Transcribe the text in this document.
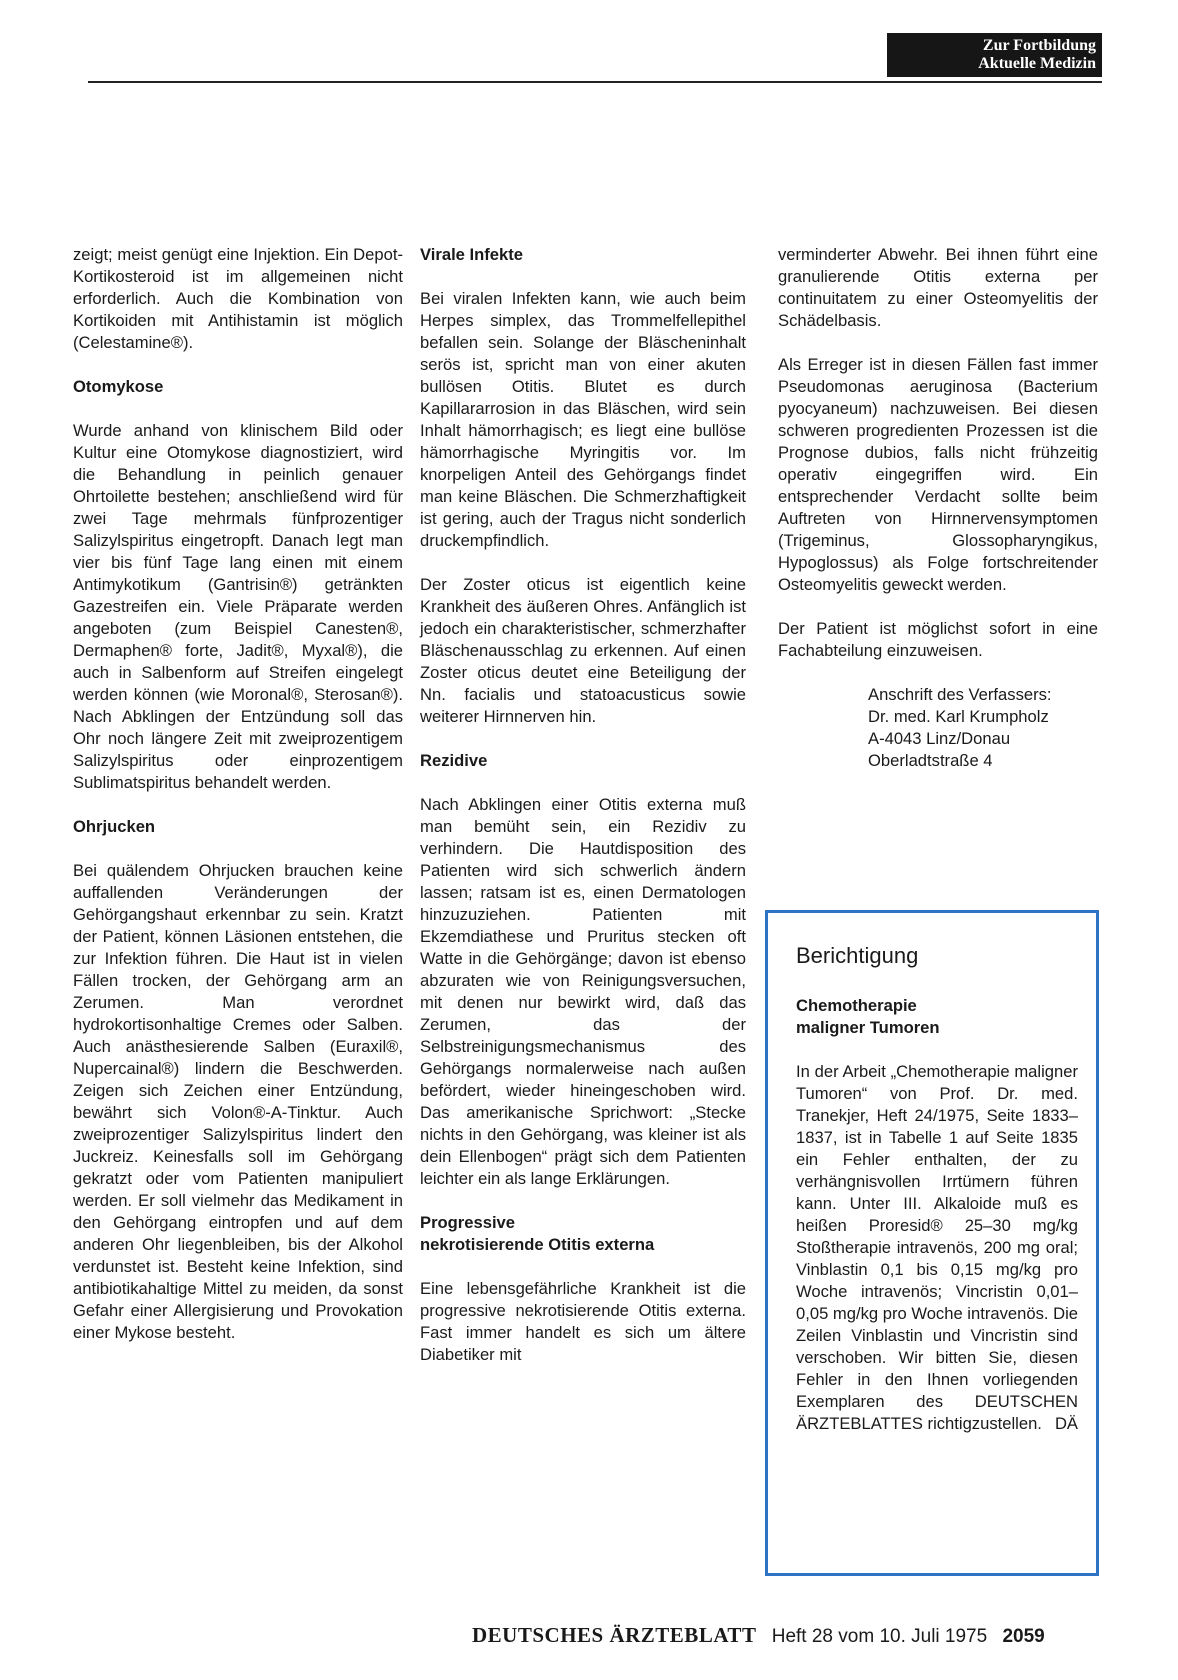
Zur Fortbildung
Aktuelle Medizin

zeigt; meist genügt eine Injektion. Ein Depot-Kortikosteroid ist im allgemeinen nicht erforderlich. Auch die Kombination von Kortikoiden mit Antihistamin ist möglich (Celestamine®).

Otomykose

Wurde anhand von klinischem Bild oder Kultur eine Otomykose diagnostiziert, wird die Behandlung in peinlich genauer Ohrtoilette bestehen; anschließend wird für zwei Tage mehrmals fünfprozentiger Salizylspiritus eingetropft. Danach legt man vier bis fünf Tage lang einen mit einem Antimykotikum (Gantrisin®) getränkten Gazestreifen ein. Viele Präparate werden angeboten (zum Beispiel Canesten®, Dermaphen® forte, Jadit®, Myxal®), die auch in Salbenform auf Streifen eingelegt werden können (wie Moronal®, Sterosan®). Nach Abklingen der Entzündung soll das Ohr noch längere Zeit mit zweiprozentigem Salizylspiritus oder einprozentigem Sublimatspiritus behandelt werden.

Ohrjucken

Bei quälendem Ohrjucken brauchen keine auffallenden Veränderungen der Gehörgangshaut erkennbar zu sein. Kratzt der Patient, können Läsionen entstehen, die zur Infektion führen. Die Haut ist in vielen Fällen trocken, der Gehörgang arm an Zerumen. Man verordnet hydrokortisonhaltige Cremes oder Salben. Auch anästhesierende Salben (Euraxil®, Nupercainal®) lindern die Beschwerden. Zeigen sich Zeichen einer Entzündung, bewährt sich Volon®-A-Tinktur. Auch zweiprozentiger Salizylspiritus lindert den Juckreiz. Keinesfalls soll im Gehörgang gekratzt oder vom Patienten manipuliert werden. Er soll vielmehr das Medikament in den Gehörgang eintropfen und auf dem anderen Ohr liegenbleiben, bis der Alkohol verdunstet ist. Besteht keine Infektion, sind antibiotikahaltige Mittel zu meiden, da sonst Gefahr einer Allergisierung und Provokation einer Mykose besteht.

Virale Infekte

Bei viralen Infekten kann, wie auch beim Herpes simplex, das Trommelfellepithel befallen sein. Solange der Bläscheninhalt serös ist, spricht man von einer akuten bullösen Otitis. Blutet es durch Kapillararrosion in das Bläschen, wird sein Inhalt hämorrhagisch; es liegt eine bullöse hämorrhagische Myringitis vor. Im knorpeligen Anteil des Gehörgangs findet man keine Bläschen. Die Schmerzhaftigkeit ist gering, auch der Tragus nicht sonderlich druckempfindlich.

Der Zoster oticus ist eigentlich keine Krankheit des äußeren Ohres. Anfänglich ist jedoch ein charakteristischer, schmerzhafter Bläschenausschlag zu erkennen. Auf einen Zoster oticus deutet eine Beteiligung der Nn. facialis und statoacusticus sowie weiterer Hirnnerven hin.

Rezidive

Nach Abklingen einer Otitis externa muß man bemüht sein, ein Rezidiv zu verhindern. Die Hautdisposition des Patienten wird sich schwerlich ändern lassen; ratsam ist es, einen Dermatologen hinzuzuziehen. Patienten mit Ekzemdiathese und Pruritus stecken oft Watte in die Gehörgänge; davon ist ebenso abzuraten wie von Reinigungsversuchen, mit denen nur bewirkt wird, daß das Zerumen, das der Selbstreinigungsmechanismus des Gehörgangs normalerweise nach außen befördert, wieder hineingeschoben wird. Das amerikanische Sprichwort: „Stecke nichts in den Gehörgang, was kleiner ist als dein Ellenbogen“ prägt sich dem Patienten leichter ein als lange Erklärungen.

Progressive
nekrotisierende Otitis externa

Eine lebensgefährliche Krankheit ist die progressive nekrotisierende Otitis externa. Fast immer handelt es sich um ältere Diabetiker mit

verminderter Abwehr. Bei ihnen führt eine granulierende Otitis externa per continuitatem zu einer Osteomyelitis der Schädelbasis.

Als Erreger ist in diesen Fällen fast immer Pseudomonas aeruginosa (Bacterium pyocyaneum) nachzuweisen. Bei diesen schweren progredienten Prozessen ist die Prognose dubios, falls nicht frühzeitig operativ eingegriffen wird. Ein entsprechender Verdacht sollte beim Auftreten von Hirnnervensymptomen (Trigeminus, Glossopharyngikus, Hypoglossus) als Folge fortschreitender Osteomyelitis geweckt werden.

Der Patient ist möglichst sofort in eine Fachabteilung einzuweisen.

Anschrift des Verfassers:
Dr. med. Karl Krumpholz
A-4043 Linz/Donau
Oberladtstraße 4
Berichtigung
Chemotherapie
maligner Tumoren

In der Arbeit „Chemotherapie maligner Tumoren“ von Prof. Dr. med. Tranekjer, Heft 24/1975, Seite 1833–1837, ist in Tabelle 1 auf Seite 1835 ein Fehler enthalten, der zu verhängnisvollen Irrtümern führen kann. Unter III. Alkaloide muß es heißen Proresid® 25–30 mg/kg Stoßtherapie intravenös, 200 mg oral; Vinblastin 0,1 bis 0,15 mg/kg pro Woche intravenös; Vincristin 0,01–0,05 mg/kg pro Woche intravenös. Die Zeilen Vinblastin und Vincristin sind verschoben. Wir bitten Sie, diesen Fehler in den Ihnen vorliegenden Exemplaren des DEUTSCHEN ÄRZTEBLATTES richtigzustellen. DÄ

DEUTSCHES ÄRZTEBLATT Heft 28 vom 10. Juli 1975 2059
